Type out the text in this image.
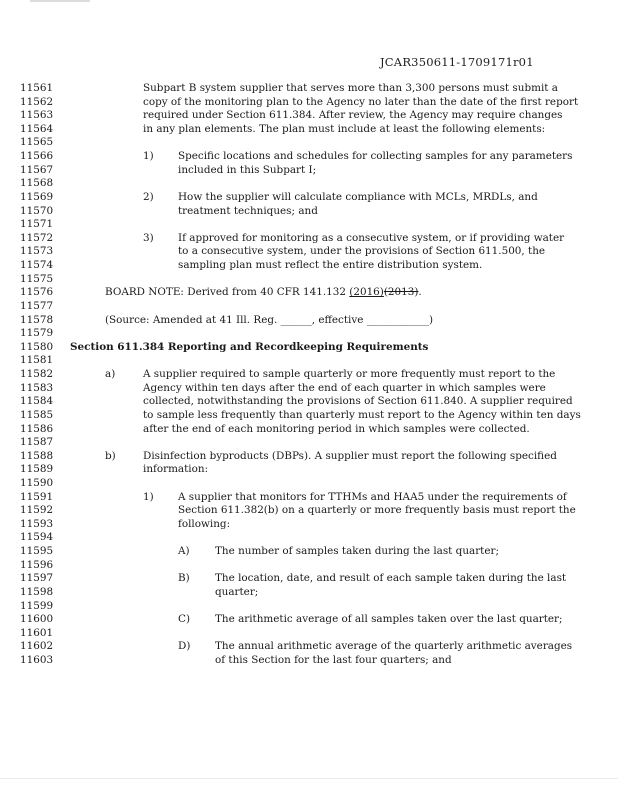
JCAR350611-1709171r01
11561	Subpart B system supplier that serves more than 3,300 persons must submit a
11562	copy of the monitoring plan to the Agency no later than the date of the first report
11563	required under Section 611.384. After review, the Agency may require changes
11564	in any plan elements. The plan must include at least the following elements:
11565
11566	1) Specific locations and schedules for collecting samples for any parameters
11567	included in this Subpart I;
11568
11569	2) How the supplier will calculate compliance with MCLs, MRDLs, and
11570	treatment techniques; and
11571
11572	3) If approved for monitoring as a consecutive system, or if providing water
11573	to a consecutive system, under the provisions of Section 611.500, the
11574	sampling plan must reflect the entire distribution system.
11575
11576	BOARD NOTE: Derived from 40 CFR 141.132 (2016)(2013).
11577
11578	(Source: Amended at 41 Ill. Reg. ______, effective ____________)
11579
11580	Section 611.384 Reporting and Recordkeeping Requirements
11581
11582	a)	A supplier required to sample quarterly or more frequently must report to the
11583	Agency within ten days after the end of each quarter in which samples were
11584	collected, notwithstanding the provisions of Section 611.840. A supplier required
11585	to sample less frequently than quarterly must report to the Agency within ten days
11586	after the end of each monitoring period in which samples were collected.
11587
11588	b)	Disinfection byproducts (DBPs). A supplier must report the following specified
11589	information:
11590
11591	1) A supplier that monitors for TTHMs and HAA5 under the requirements of
11592	Section 611.382(b) on a quarterly or more frequently basis must report the
11593	following:
11594
11595	A) The number of samples taken during the last quarter;
11596
11597	B) The location, date, and result of each sample taken during the last
11598	quarter;
11599
11600	C) The arithmetic average of all samples taken over the last quarter;
11601
11602	D) The annual arithmetic average of the quarterly arithmetic averages
11603	of this Section for the last four quarters; and
